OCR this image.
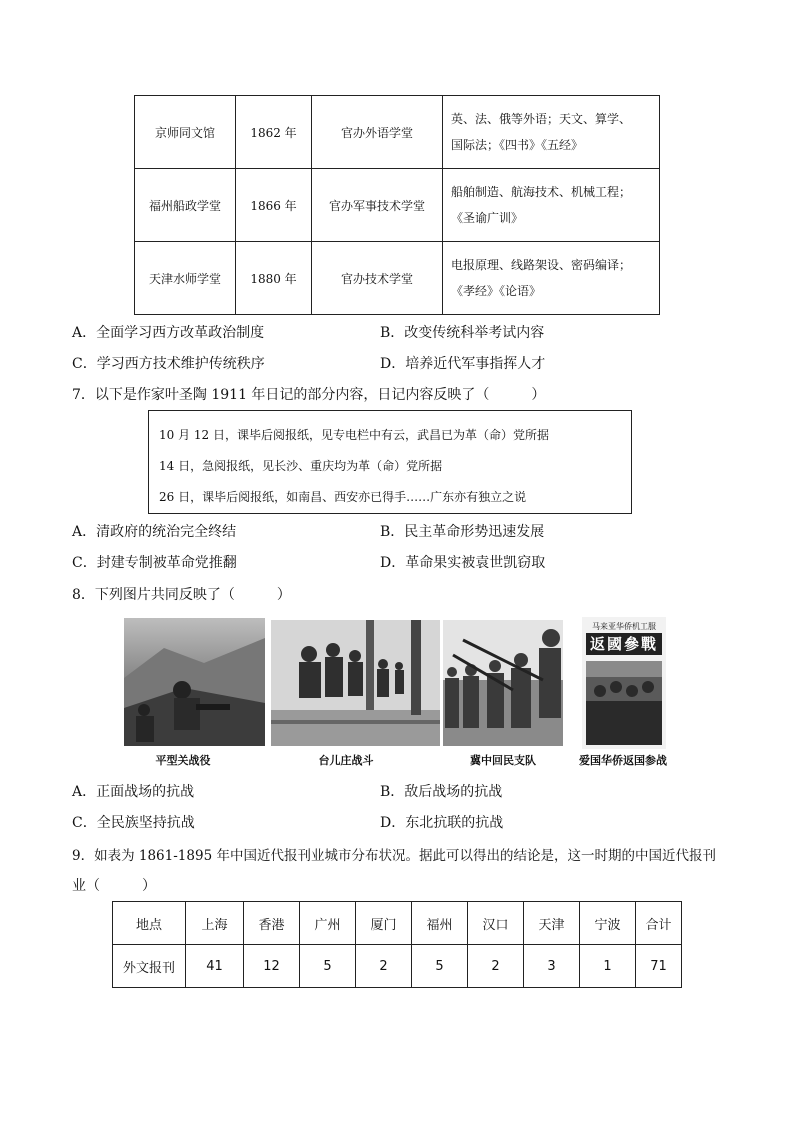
京师同文馆	1862 年	官办外语学堂	英、法、俄等外语；天文、算学、
国际法；《四书》《五经》
福州船政学堂	1866 年	官办军事技术学堂	船舶制造、航海技术、机械工程；
《圣谕广训》
天津水师学堂	1880 年	官办技术学堂	电报原理、线路架设、密码编译；
《孝经》《论语》
A．全面学习西方改革政治制度	B．改变传统科举考试内容
C．学习西方技术维护传统秩序	D．培养近代军事指挥人才
7．以下是作家叶圣陶 1911 年日记的部分内容，日记内容反映了（　　　）
10 月 12 日，课毕后阅报纸，见专电栏中有云，武昌已为革（命）党所据
14 日，急阅报纸，见长沙、重庆均为革（命）党所据
26 日，课毕后阅报纸，如南昌、西安亦已得手……广东亦有独立之说
A．清政府的统治完全终结	B．民主革命形势迅速发展
C．封建专制被革命党推翻	D．革命果实被袁世凯窃取
8．下列图片共同反映了（　　　）
马来亚华侨机工服
返國參戰
平型关战役	台儿庄战斗	冀中回民支队	爱国华侨返国参战
A．正面战场的抗战	B．敌后战场的抗战
C．全民族坚持抗战	D．东北抗联的抗战
9．如表为 1861-1895 年中国近代报刊业城市分布状况。据此可以得出的结论是，这一时期的中国近代报刊
业（　　　）
地点	上海	香港	广州	厦门	福州	汉口	天津	宁波	合计
外文报刊	41	12	5	2	5	2	3	1	71
